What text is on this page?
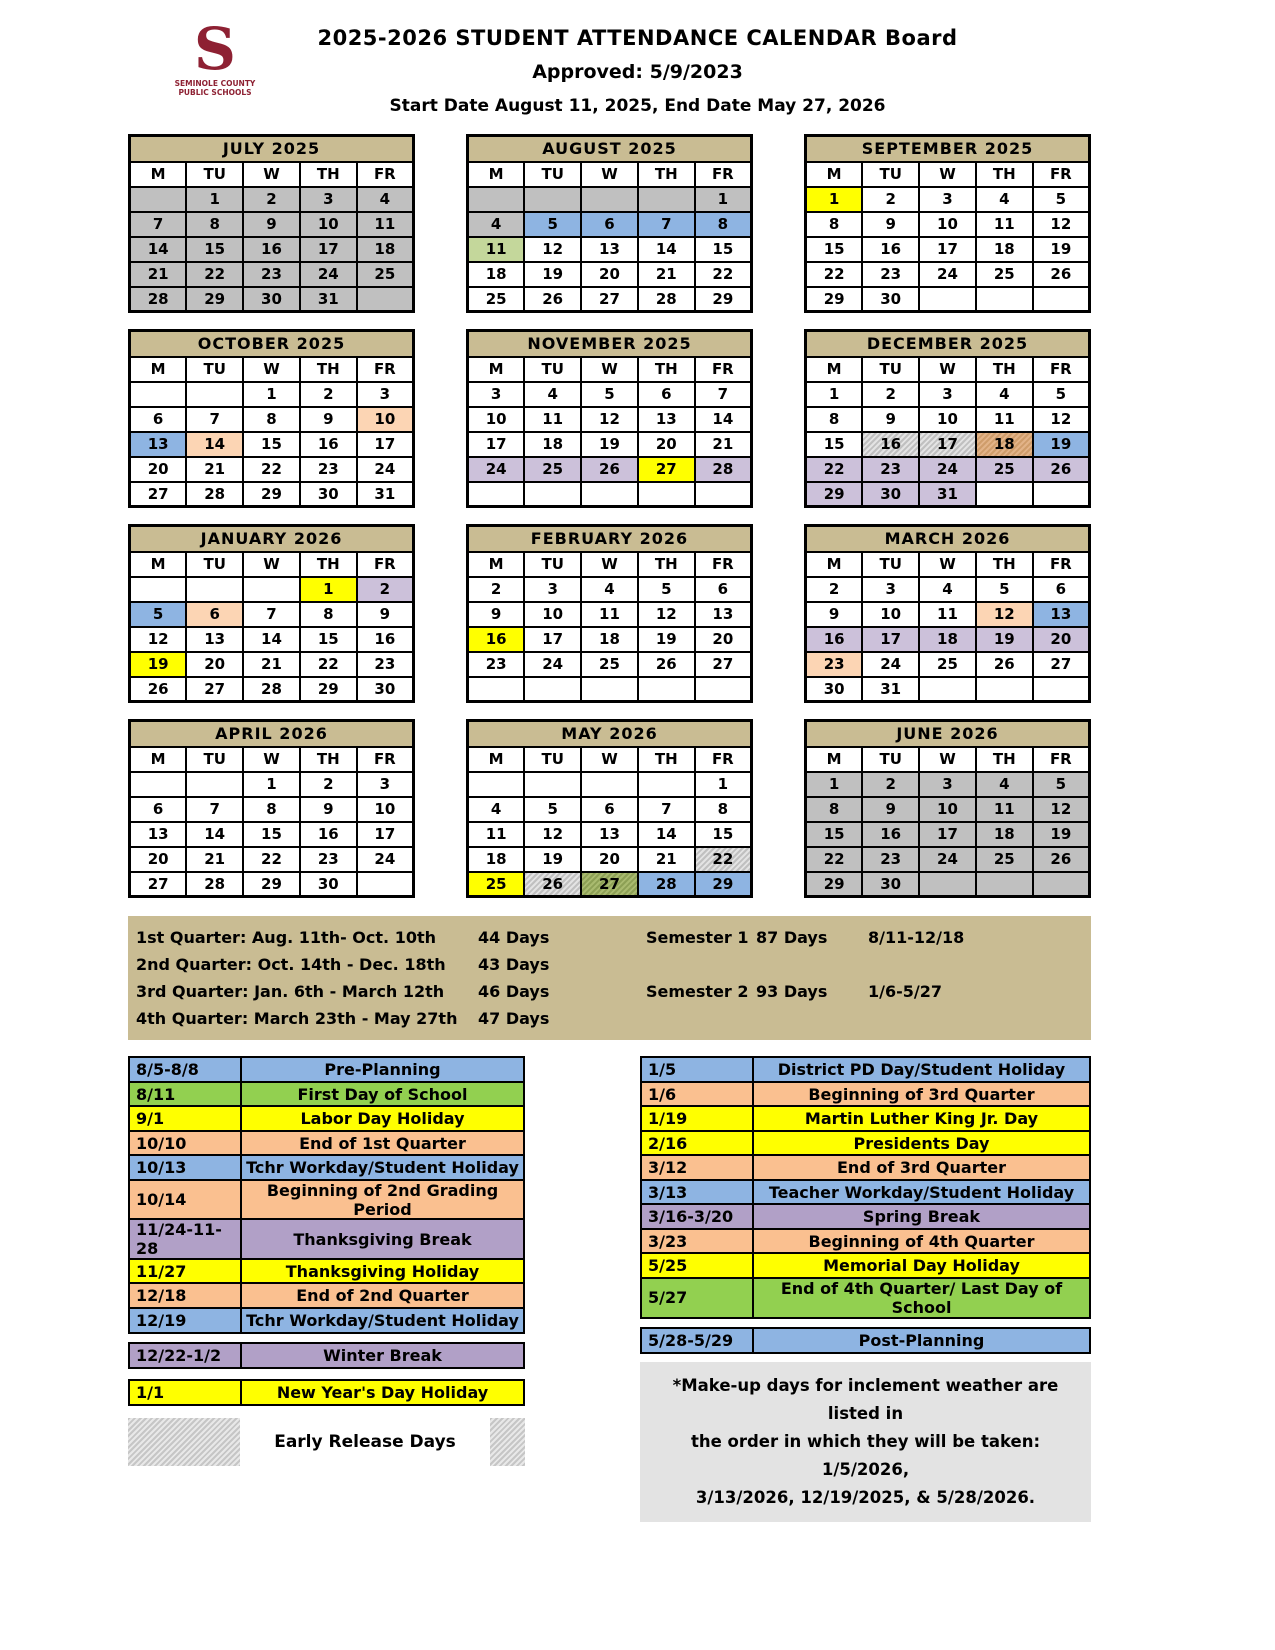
S
SEMINOLE COUNTY
PUBLIC SCHOOLS
2025-2026 STUDENT ATTENDANCE CALENDAR Board
Approved: 5/9/2023
Start Date August 11, 2025, End Date May 27, 2026
JULY 2025				
M	TU	W	TH	FR
	1	2	3	4
7	8	9	10	11
14	15	16	17	18
21	22	23	24	25
28	29	30	31	
AUGUST 2025				
M	TU	W	TH	FR
				1
4	5	6	7	8
11	12	13	14	15
18	19	20	21	22
25	26	27	28	29
SEPTEMBER 2025				
M	TU	W	TH	FR
1	2	3	4	5
8	9	10	11	12
15	16	17	18	19
22	23	24	25	26
29	30			
OCTOBER 2025				
M	TU	W	TH	FR
		1	2	3
6	7	8	9	10
13	14	15	16	17
20	21	22	23	24
27	28	29	30	31
NOVEMBER 2025				
M	TU	W	TH	FR
3	4	5	6	7
10	11	12	13	14
17	18	19	20	21
24	25	26	27	28

DECEMBER 2025				
M	TU	W	TH	FR
1	2	3	4	5
8	9	10	11	12
15	16	17	18	19
22	23	24	25	26
29	30	31		
JANUARY 2026				
M	TU	W	TH	FR
			1	2
5	6	7	8	9
12	13	14	15	16
19	20	21	22	23
26	27	28	29	30
FEBRUARY 2026				
M	TU	W	TH	FR
2	3	4	5	6
9	10	11	12	13
16	17	18	19	20
23	24	25	26	27

MARCH 2026				
M	TU	W	TH	FR
2	3	4	5	6
9	10	11	12	13
16	17	18	19	20
23	24	25	26	27
30	31			
APRIL 2026				
M	TU	W	TH	FR
		1	2	3
6	7	8	9	10
13	14	15	16	17
20	21	22	23	24
27	28	29	30	
MAY 2026				
M	TU	W	TH	FR
				1
4	5	6	7	8
11	12	13	14	15
18	19	20	21	22
25	26	27	28	29
JUNE 2026				
M	TU	W	TH	FR
1	2	3	4	5
8	9	10	11	12
15	16	17	18	19
22	23	24	25	26
29	30			
1st Quarter: Aug. 11th- Oct. 10th	44 Days	Semester 1 87 Days	8/11-12/18
2nd Quarter: Oct. 14th - Dec. 18th	43 Days
3rd Quarter: Jan. 6th - March 12th	46 Days	Semester 2 93 Days	1/6-5/27
4th Quarter: March 23th - May 27th	47 Days
8/5-8/8	Pre-Planning
8/11	First Day of School
9/1	Labor Day Holiday
10/10	End of 1st Quarter
10/13	Tchr Workday/Student Holiday
10/14	Beginning of 2nd Grading Period
11/24-11-28	Thanksgiving Break
11/27	Thanksgiving Holiday
12/18	End of 2nd Quarter
12/19	Tchr Workday/Student Holiday
12/22-1/2	Winter Break
1/1	New Year's Day Holiday
Early Release Days
1/5	District PD Day/Student Holiday
1/6	Beginning of 3rd Quarter
1/19	Martin Luther King Jr. Day
2/16	Presidents Day
3/12	End of 3rd Quarter
3/13	Teacher Workday/Student Holiday
3/16-3/20	Spring Break
3/23	Beginning of 4th Quarter
5/25	Memorial Day Holiday
5/27	End of 4th Quarter/ Last Day of School
5/28-5/29	Post-Planning
*Make-up days for inclement weather are listed in
the order in which they will be taken: 1/5/2026,
3/13/2026, 12/19/2025, & 5/28/2026.
